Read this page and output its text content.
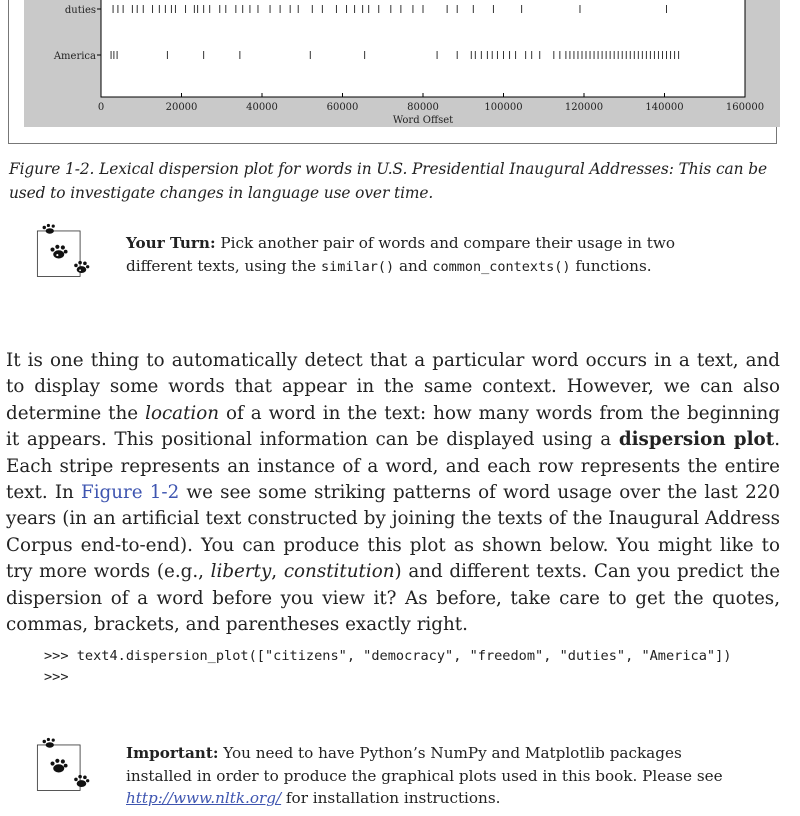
duties
America
0	20000	40000	60000	80000	100000	120000	140000	160000
Word Offset
Figure 1-2. Lexical dispersion plot for words in U.S. Presidential Inaugural Addresses: This can be used to investigate changes in language use over time.
Your Turn: Pick another pair of words and compare their usage in two different texts, using the similar() and common_contexts() functions.
It is one thing to automatically detect that a particular word occurs in a text, and to display some words that appear in the same context. However, we can also determine the location of a word in the text: how many words from the beginning it appears. This positional information can be displayed using a dispersion plot. Each stripe represents an instance of a word, and each row represents the entire text. In Figure 1-2 we see some striking patterns of word usage over the last 220 years (in an artificial text constructed by joining the texts of the Inaugural Address Corpus end-to-end). You can produce this plot as shown below. You might like to try more words (e.g., liberty, constitution) and different texts. Can you predict the dispersion of a word before you view it? As before, take care to get the quotes, commas, brackets, and parentheses exactly right.
>>> text4.dispersion_plot(["citizens", "democracy", "freedom", "duties", "America"])
>>>
Important: You need to have Python’s NumPy and Matplotlib packages installed in order to produce the graphical plots used in this book. Please see http://www.nltk.org/ for installation instructions.
